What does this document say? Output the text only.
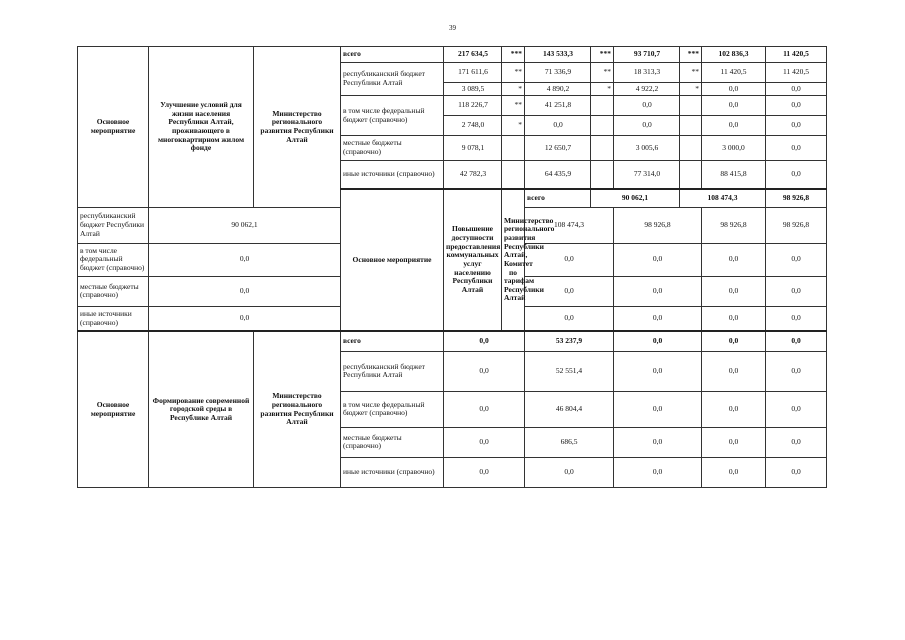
39
Основное мероприятие	Улучшение условий для жизни населения Республики Алтай, проживающего в многоквартирном жилом фонде	Министерство регионального развития Республики Алтай	всего	217 634,5	***	143 533,3	***	93 710,7	***	102 836,3	11 420,5	
			республиканский бюджет Республики Алтай	171 611,6	**	71 336,9	**	18 313,3	**	11 420,5	11 420,5	
				3 089,5	*	4 890,2	*	4 922,2	*	0,0	0,0	
			в том числе федеральный бюджет (справочно)	118 226,7	**	41 251,8		0,0		0,0	0,0	
				2 748,0	*	0,0		0,0		0,0	0,0	
			местные бюджеты (справочно)	9 078,1		12 650,7		3 005,6		3 000,0	0,0	
			иные источники (справочно)	42 782,3		64 435,9		77 314,0		88 415,8	0,0	
			Основное мероприятие	Повышение доступности предоставления коммунальных услуг населению Республики Алтай	Министерство регионального развития Республики Алтай, Комитет по тарифам Республики Алтай	всего	90 062,1		108 474,3		98 926,8		
республиканский бюджет Республики Алтай	90 062,1					108 474,3		98 926,8		98 926,8	98 926,8	
в том числе федеральный бюджет (справочно)	0,0					0,0		0,0		0,0	0,0	
местные бюджеты (справочно)	0,0					0,0		0,0		0,0	0,0	
иные источники (справочно)	0,0					0,0		0,0		0,0	0,0	
Основное мероприятие	Формирование современной городской среды в Республике Алтай	Министерство регионального развития Республики Алтай	всего	0,0		53 237,9		0,0		0,0	0,0	
			республиканский бюджет Республики Алтай	0,0		52 551,4		0,0		0,0	0,0	
			в том числе федеральный бюджет (справочно)	0,0		46 804,4		0,0		0,0	0,0	
			местные бюджеты (справочно)	0,0		686,5		0,0		0,0	0,0	
			иные источники (справочно)	0,0		0,0		0,0		0,0	0,0	
